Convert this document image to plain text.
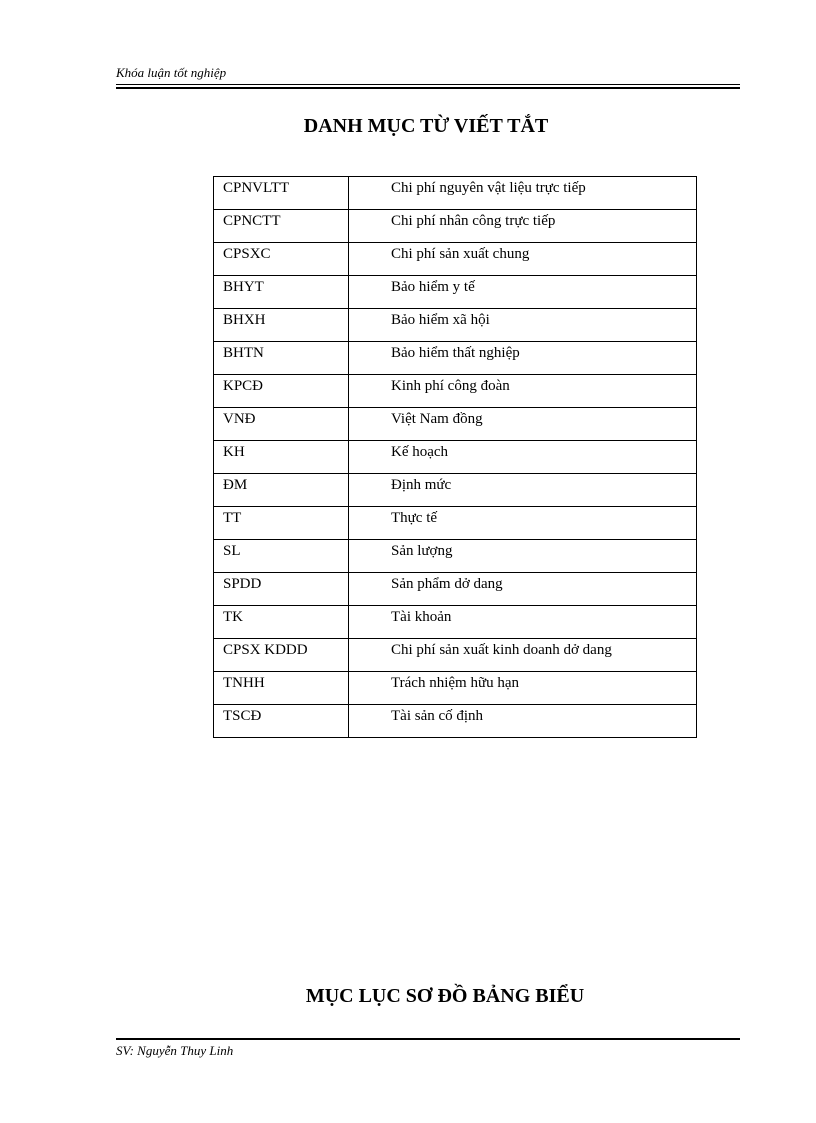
Khóa luận tốt nghiệp
DANH MỤC TỪ VIẾT TẮT
CPNVLTT	Chi phí nguyên vật liệu trực tiếp
CPNCTT	Chi phí nhân công trực tiếp
CPSXC	Chi phí sản xuất chung
BHYT	Bảo hiểm y tế
BHXH	Bảo hiểm xã hội
BHTN	Bảo hiểm thất nghiệp
KPCĐ	Kinh phí công đoàn
VNĐ	Việt Nam đồng
KH	Kế hoạch
ĐM	Định mức
TT	Thực tế
SL	Sản lượng
SPDD	Sản phẩm dở dang
TK	Tài khoản
CPSX KDDD	Chi phí sản xuất kinh doanh dở dang
TNHH	Trách nhiệm hữu hạn
TSCĐ	Tài sản cố định
MỤC LỤC SƠ ĐỒ BẢNG BIỂU
SV: Nguyễn Thuy Linh
